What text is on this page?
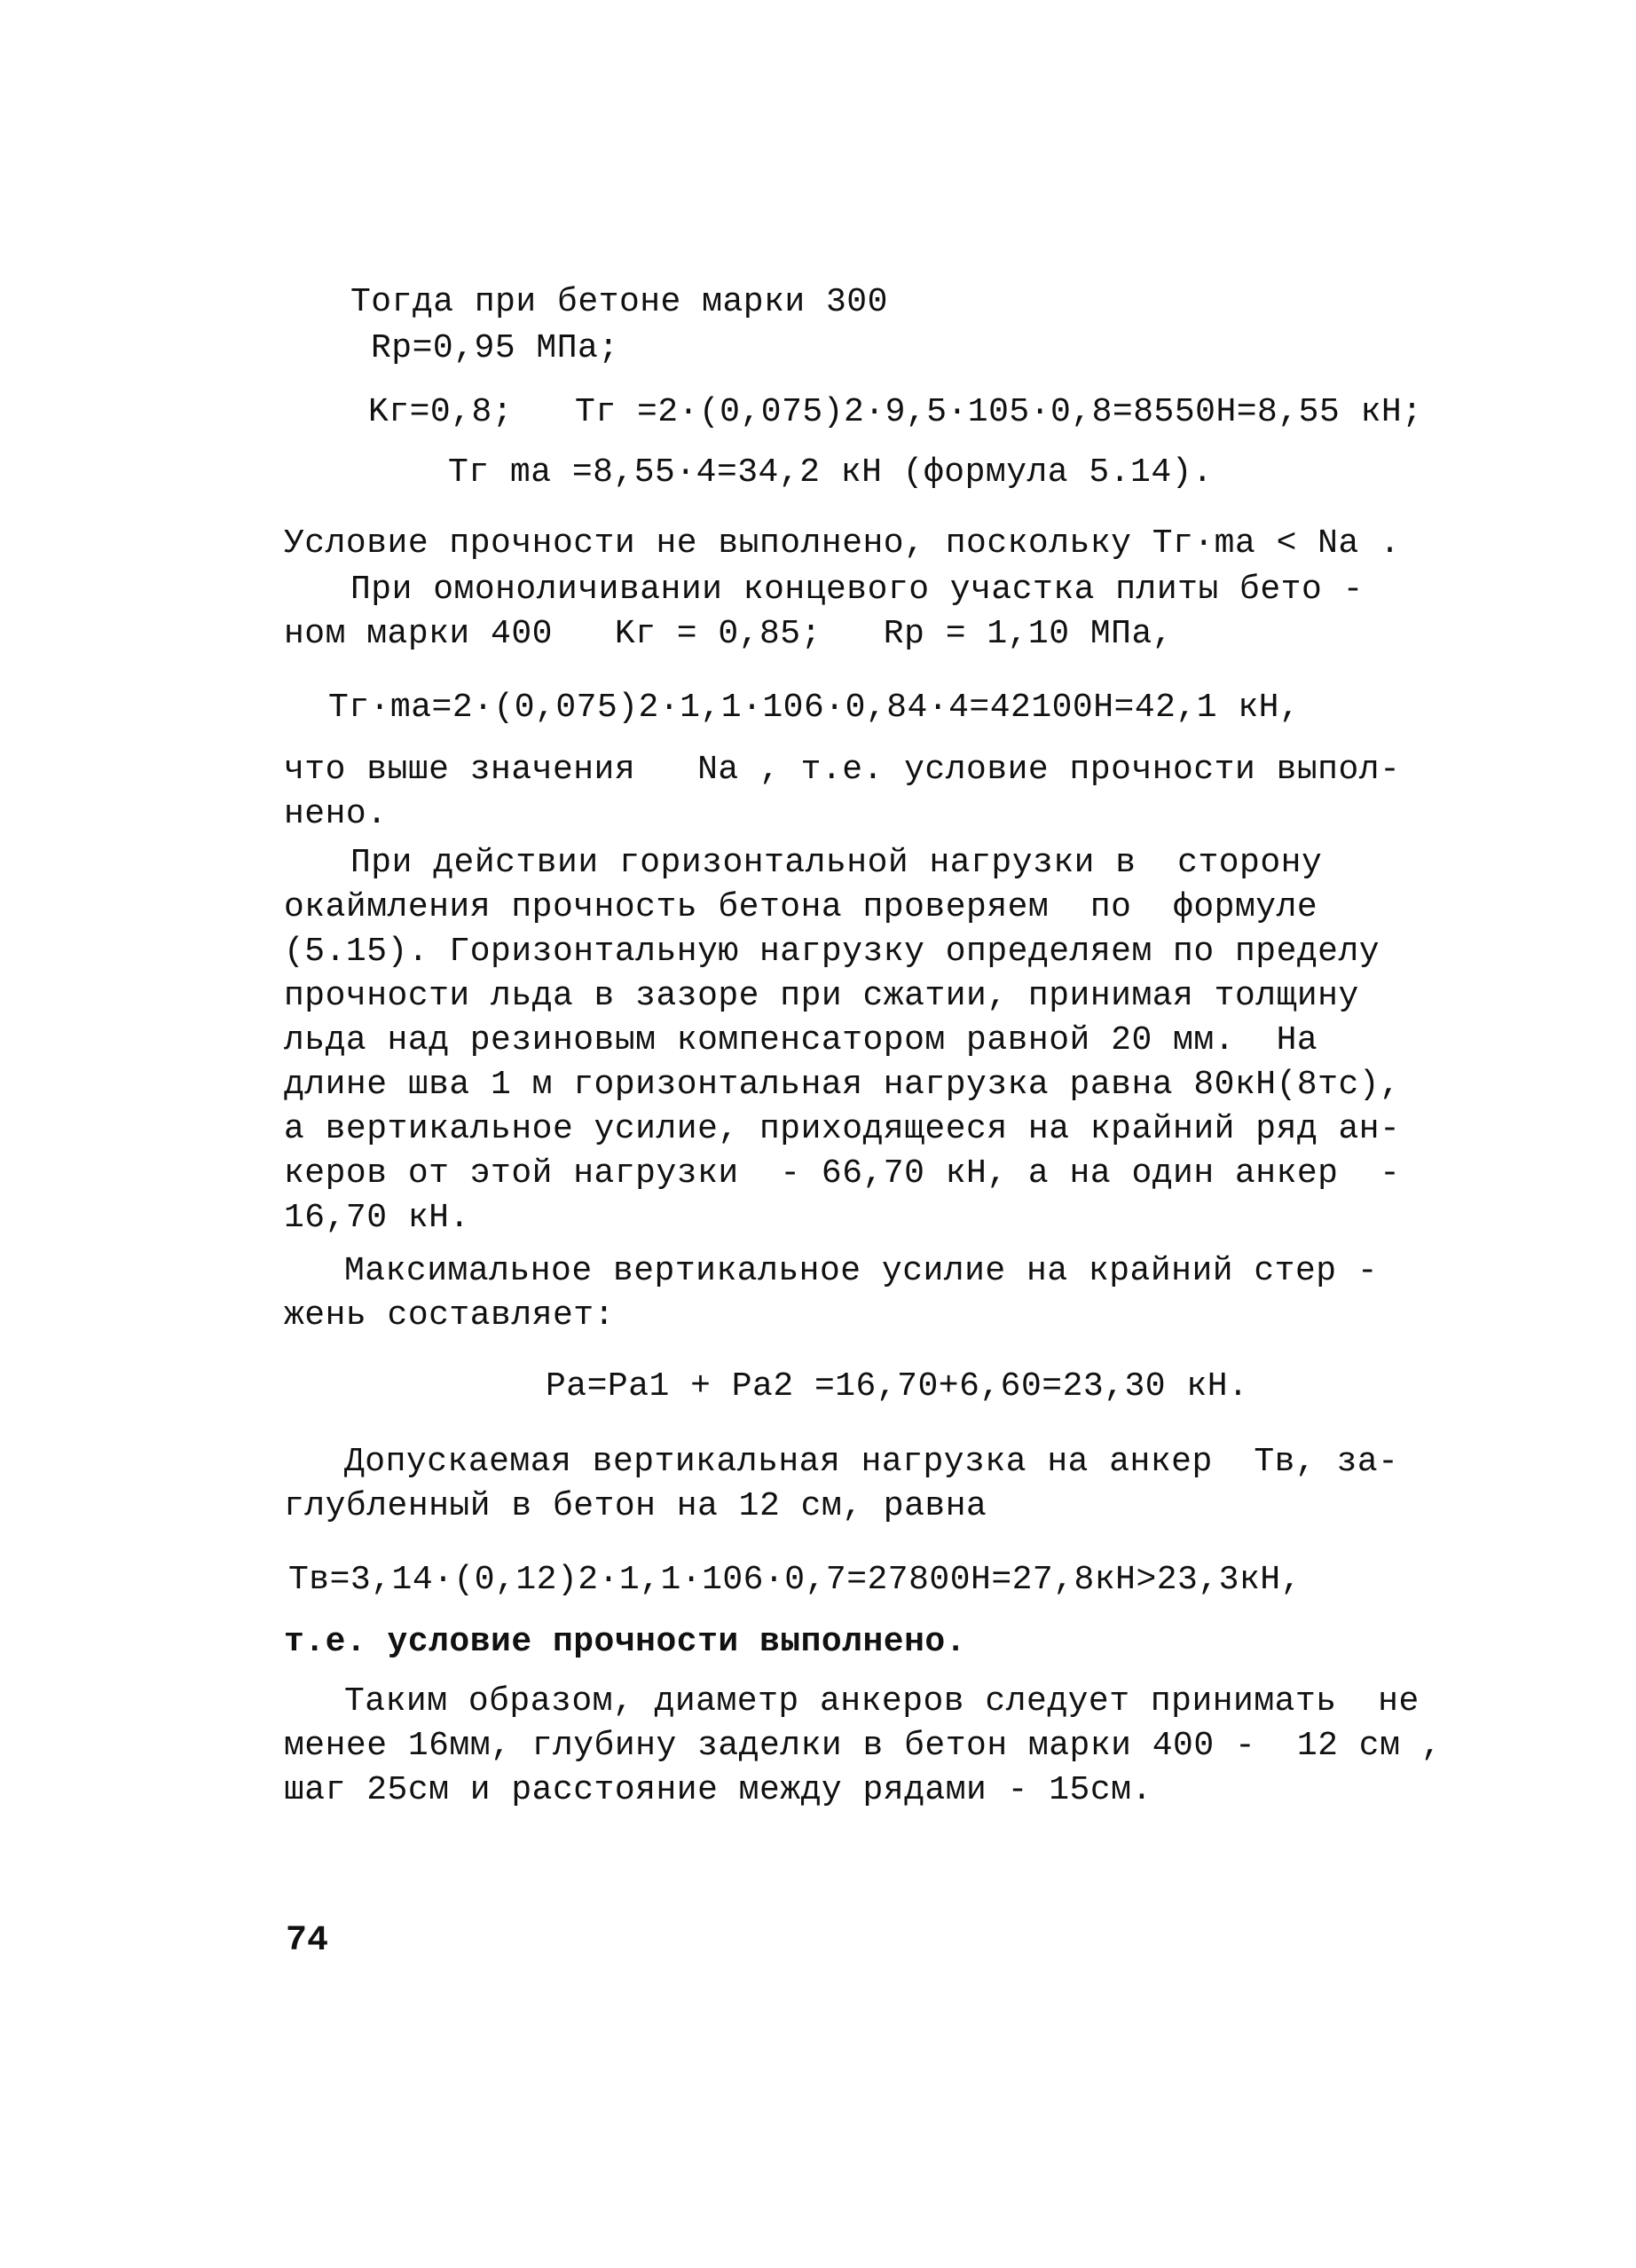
Тогда при бетоне марки 300
Rp=0,95 МПа;
Kг=0,8;   Tг =2·(0,075)2·9,5·105·0,8=8550H=8,55 кН;
Tг mа =8,55·4=34,2 кН (формула 5.14).
Условие прочности не выполнено, поскольку Tг·mа < Nа .
При омоноличивании концевого участка плиты бето -
ном марки 400   Kг = 0,85;   Rр = 1,10 МПа,
Tг·mа=2·(0,075)2·1,1·106·0,84·4=42100H=42,1 кН,
что выше значения   Nа , т.е. условие прочности выпол-
нено.
При действии горизонтальной нагрузки в  сторону
окаймления прочность бетона проверяем  по  формуле
(5.15). Горизонтальную нагрузку определяем по пределу
прочности льда в зазоре при сжатии, принимая толщину
льда над резиновым компенсатором равной 20 мм.  На
длине шва 1 м горизонтальная нагрузка равна 80кН(8тс),
а вертикальное усилие, приходящееся на крайний ряд ан-
керов от этой нагрузки  - 66,70 кН, а на один анкер  -
16,70 кН.
Максимальное вертикальное усилие на крайний стер -
жень составляет:
Pа=Pа1 + Pа2 =16,70+6,60=23,30 кН.
Допускаемая вертикальная нагрузка на анкер  Tв, за-
глубленный в бетон на 12 см, равна
Tв=3,14·(0,12)2·1,1·106·0,7=27800H=27,8кН>23,3кН,
т.е. условие прочности выполнено.
Таким образом, диаметр анкеров следует принимать  не
менее 16мм, глубину заделки в бетон марки 400 -  12 см ,
шаг 25см и расстояние между рядами - 15см.
74
